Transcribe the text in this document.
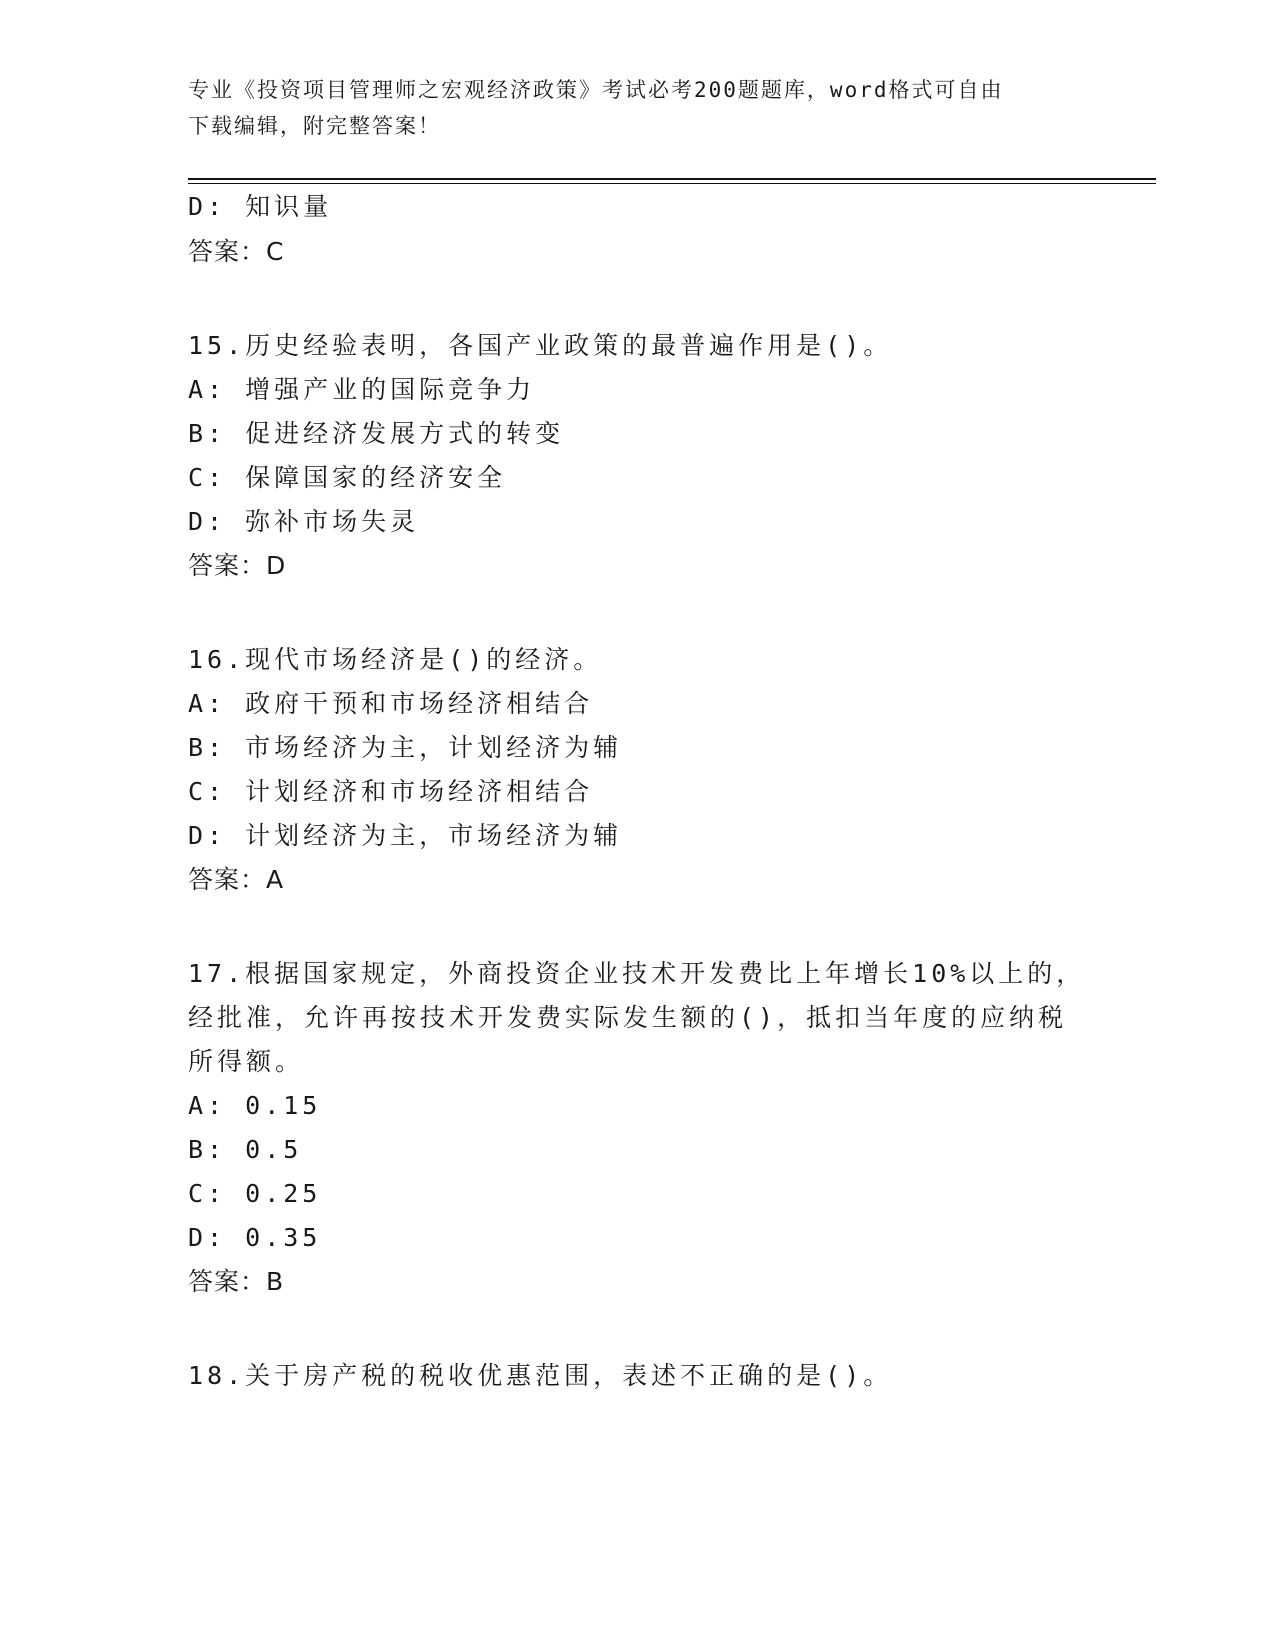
专业《投资项目管理师之宏观经济政策》考试必考200题题库，word格式可自由
下载编辑，附完整答案！
D: 知识量
答案：C
15.历史经验表明，各国产业政策的最普遍作用是()。
A: 增强产业的国际竞争力
B: 促进经济发展方式的转变
C: 保障国家的经济安全
D: 弥补市场失灵
答案：D
16.现代市场经济是()的经济。
A: 政府干预和市场经济相结合
B: 市场经济为主，计划经济为辅
C: 计划经济和市场经济相结合
D: 计划经济为主，市场经济为辅
答案：A
17.根据国家规定，外商投资企业技术开发费比上年增长10%以上的，
经批准，允许再按技术开发费实际发生额的()，抵扣当年度的应纳税
所得额。
A: 0.15
B: 0.5
C: 0.25
D: 0.35
答案：B
18.关于房产税的税收优惠范围，表述不正确的是()。
